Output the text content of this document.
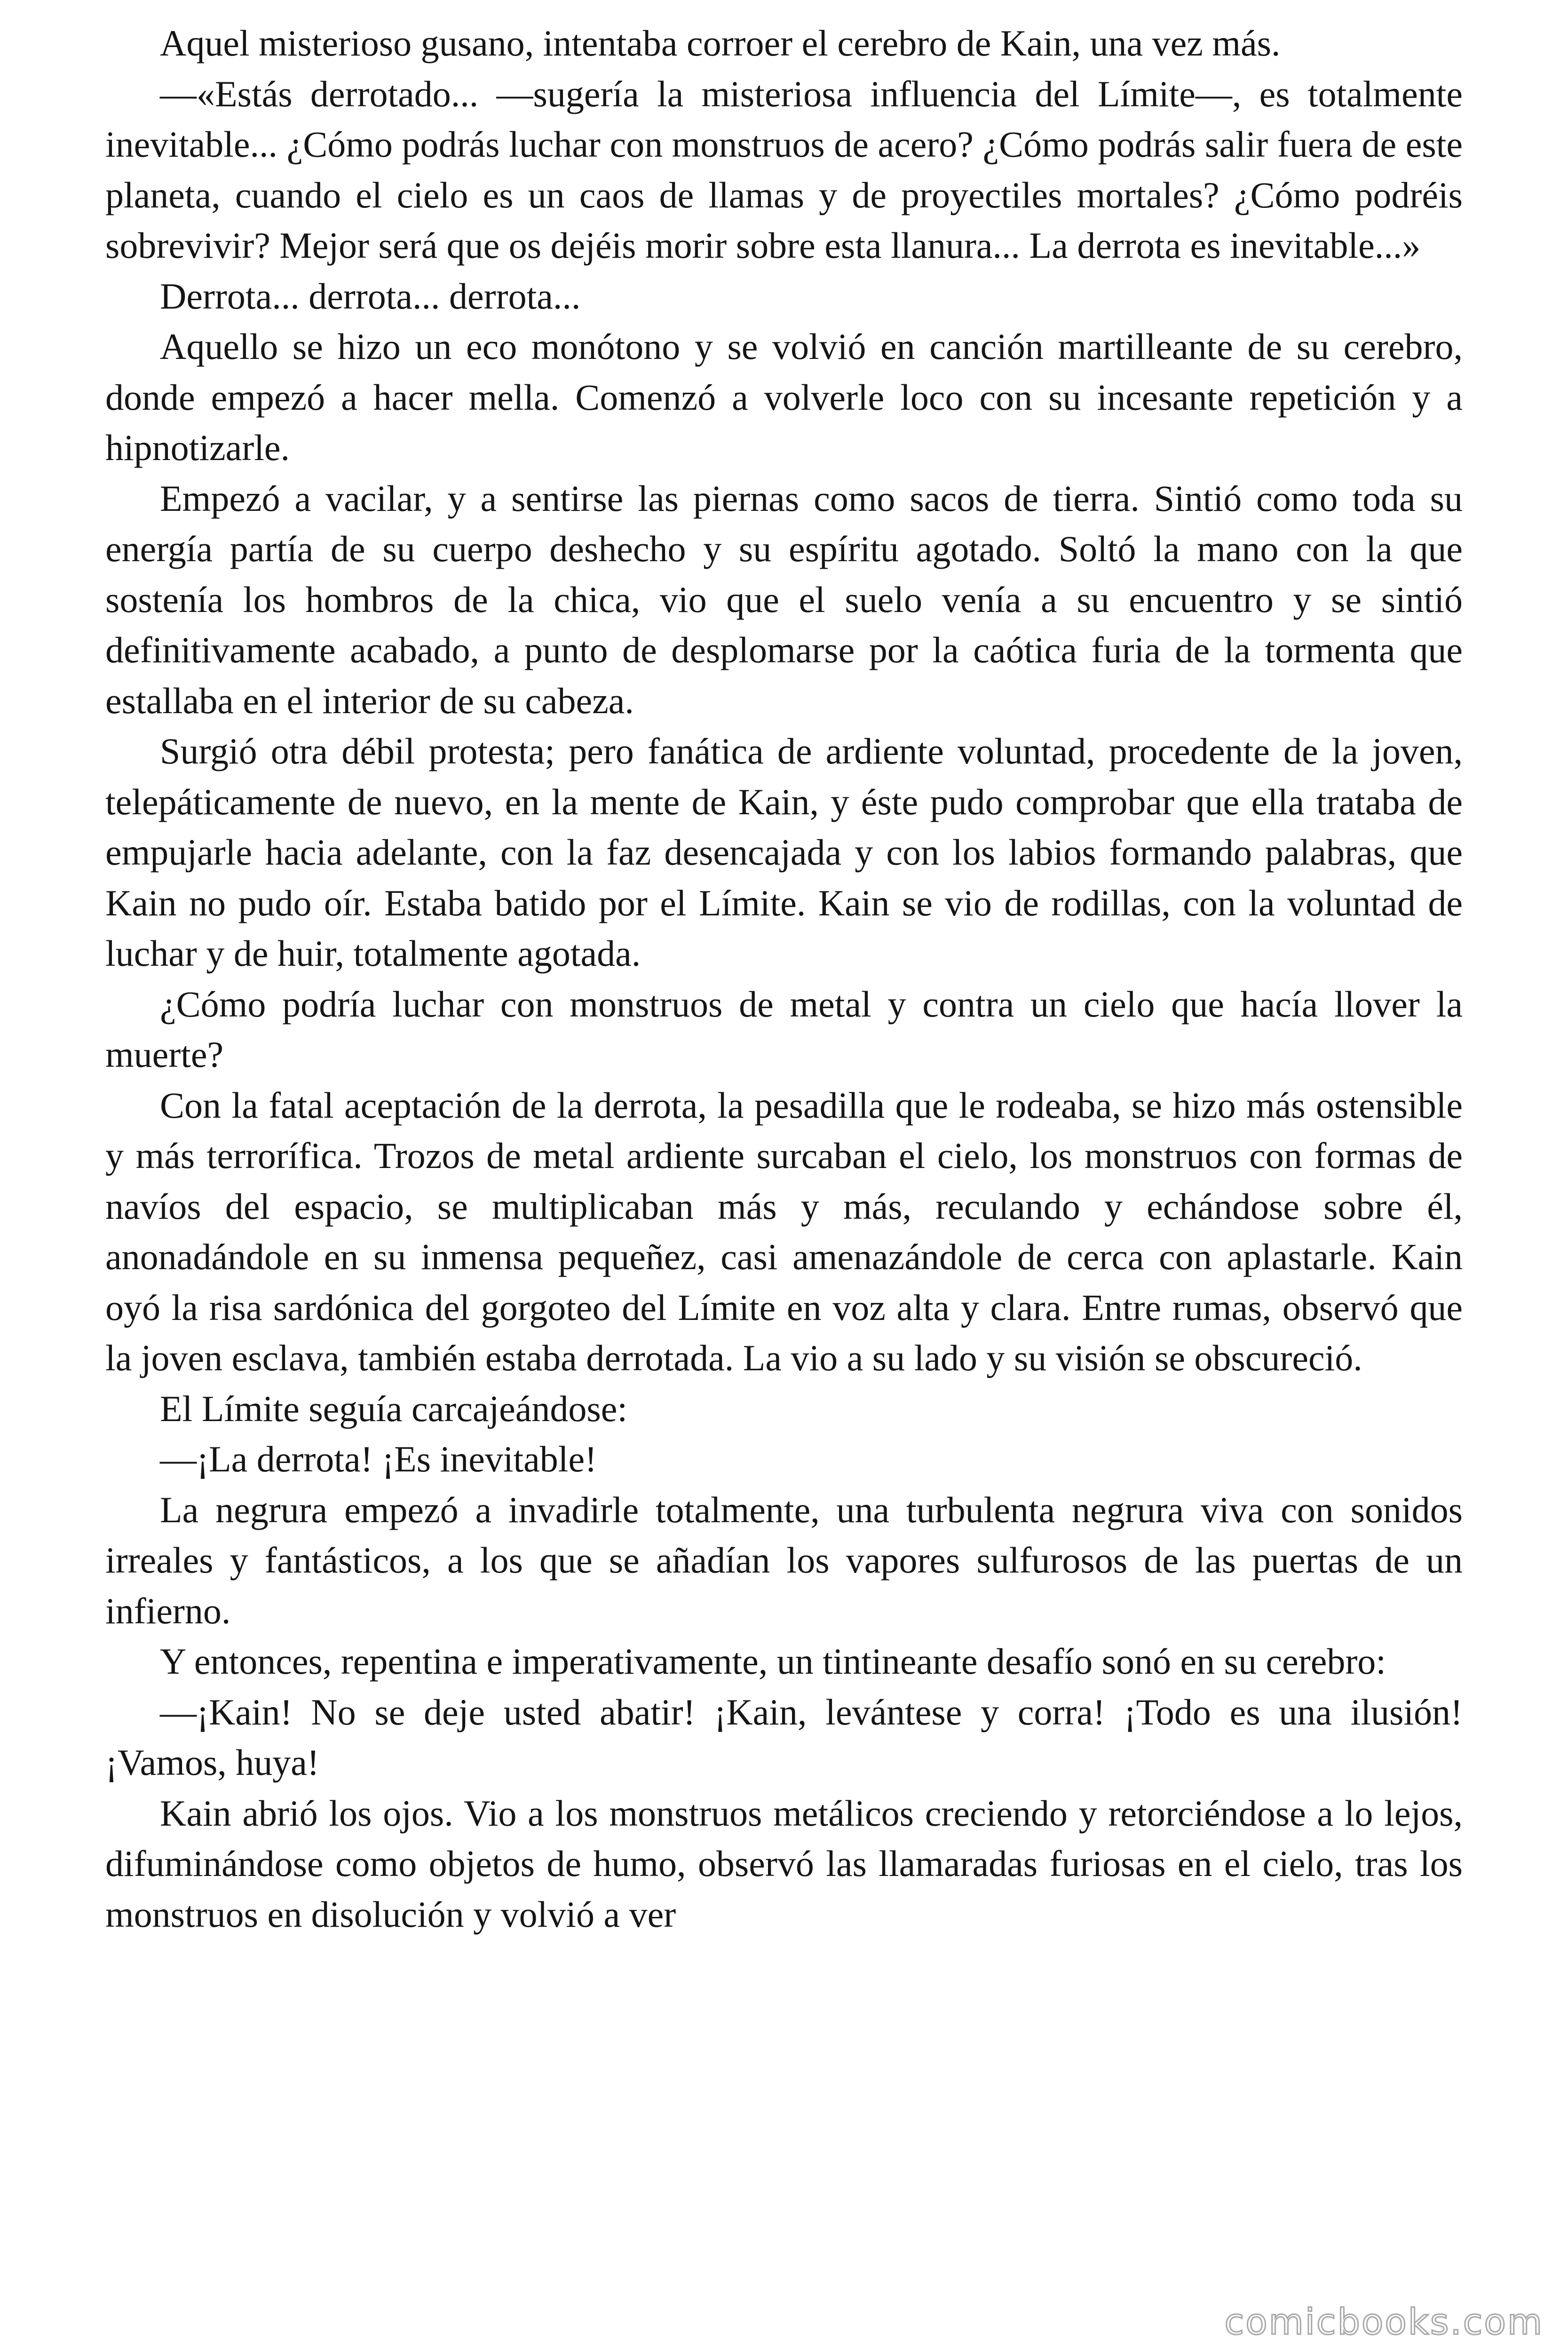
Aquel misterioso gusano, intentaba corroer el cerebro de Kain, una vez más.

—«Estás derrotado... —sugería la misteriosa influencia del Límite—, es totalmente inevitable... ¿Cómo podrás luchar con monstruos de acero? ¿Cómo podrás salir fuera de este planeta, cuando el cielo es un caos de llamas y de proyectiles mortales? ¿Cómo podréis sobrevivir? Mejor será que os dejéis morir sobre esta llanura... La derrota es inevitable...»

Derrota... derrota... derrota...

Aquello se hizo un eco monótono y se volvió en canción martilleante de su cerebro, donde empezó a hacer mella. Comenzó a volverle loco con su incesante repetición y a hipnotizarle.

Empezó a vacilar, y a sentirse las piernas como sacos de tierra. Sintió como toda su energía partía de su cuerpo deshecho y su espíritu agotado. Soltó la mano con la que sostenía los hombros de la chica, vio que el suelo venía a su encuentro y se sintió definitivamente acabado, a punto de desplomarse por la caótica furia de la tormenta que estallaba en el interior de su cabeza.

Surgió otra débil protesta; pero fanática de ardiente voluntad, procedente de la joven, telepáticamente de nuevo, en la mente de Kain, y éste pudo comprobar que ella trataba de empujarle hacia adelante, con la faz desencajada y con los labios formando palabras, que Kain no pudo oír. Estaba batido por el Límite. Kain se vio de rodillas, con la voluntad de luchar y de huir, totalmente agotada.

¿Cómo podría luchar con monstruos de metal y contra un cielo que hacía llover la muerte?

Con la fatal aceptación de la derrota, la pesadilla que le rodeaba, se hizo más ostensible y más terrorífica. Trozos de metal ardiente surcaban el cielo, los monstruos con formas de navíos del espacio, se multiplicaban más y más, reculando y echándose sobre él, anonadándole en su inmensa pequeñez, casi amenazándole de cerca con aplastarle. Kain oyó la risa sardónica del gorgoteo del Límite en voz alta y clara. Entre rumas, observó que la joven esclava, también estaba derrotada. La vio a su lado y su visión se obscureció.

El Límite seguía carcajeándose:

—¡La derrota! ¡Es inevitable!

La negrura empezó a invadirle totalmente, una turbulenta negrura viva con sonidos irreales y fantásticos, a los que se añadían los vapores sulfurosos de las puertas de un infierno.

Y entonces, repentina e imperativamente, un tintineante desafío sonó en su cerebro:

—¡Kain! No se deje usted abatir! ¡Kain, levántese y corra! ¡Todo es una ilusión! ¡Vamos, huya!

Kain abrió los ojos. Vio a los monstruos metálicos creciendo y retorciéndose a lo lejos, difuminándose como objetos de humo, observó las llamaradas furiosas en el cielo, tras los monstruos en disolución y volvió a ver

comicbooks.com
